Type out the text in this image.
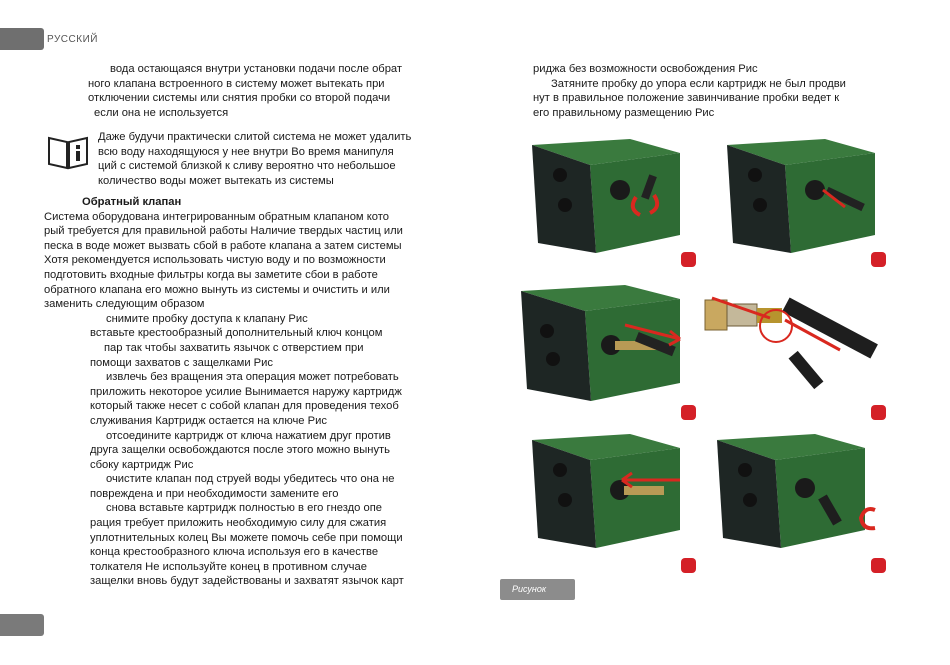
РУССКИЙ

вода остающаяся внутри установки подачи после обрат

ного клапана встроенного в систему может вытекать при

отключении системы или снятия пробки со второй подачи

если она не используется

Даже будучи практически слитой система не может удалить

всю воду находящуюся у нее внутри Во время манипуля

ций с системой близкой к сливу вероятно что небольшое

количество воды может вытекать из системы

Обратный клапан

Система оборудована интегрированным обратным клапаном кото

рый требуется для правильной работы Наличие твердых частиц или

песка в воде может вызвать сбой в работе клапана а затем системы

Хотя рекомендуется использовать чистую воду и по возможности

подготовить входные фильтры когда вы заметите сбои в работе

обратного клапана его можно вынуть из системы и очистить и или

заменить следующим образом

снимите пробку доступа к клапану Рис

вставьте крестообразный дополнительный ключ концом

пар так чтобы захватить язычок с отверстием при

помощи захватов с защелками Рис

извлечь без вращения эта операция может потребовать

приложить некоторое усилие Вынимается наружу картридж

который также несет с собой клапан для проведения техоб

служивания Картридж остается на ключе Рис

отсоедините картридж от ключа нажатием друг против

друга защелки освобождаются после этого можно вынуть

сбоку картридж Рис

очистите клапан под струей воды убедитесь что она не

повреждена и при необходимости замените его

снова вставьте картридж полностью в его гнездо опе

рация требует приложить необходимую силу для сжатия

уплотнительных колец Вы можете помочь себе при помощи

конца крестообразного ключа используя его в качестве

толкателя Не используйте конец в противном случае

защелки вновь будут задействованы и захватят язычок карт

риджа без возможности освобождения Рис

Затяните пробку до упора если картридж не был продви

нут в правильное положение завинчивание пробки ведет к

его правильному размещению Рис

Рисунок
